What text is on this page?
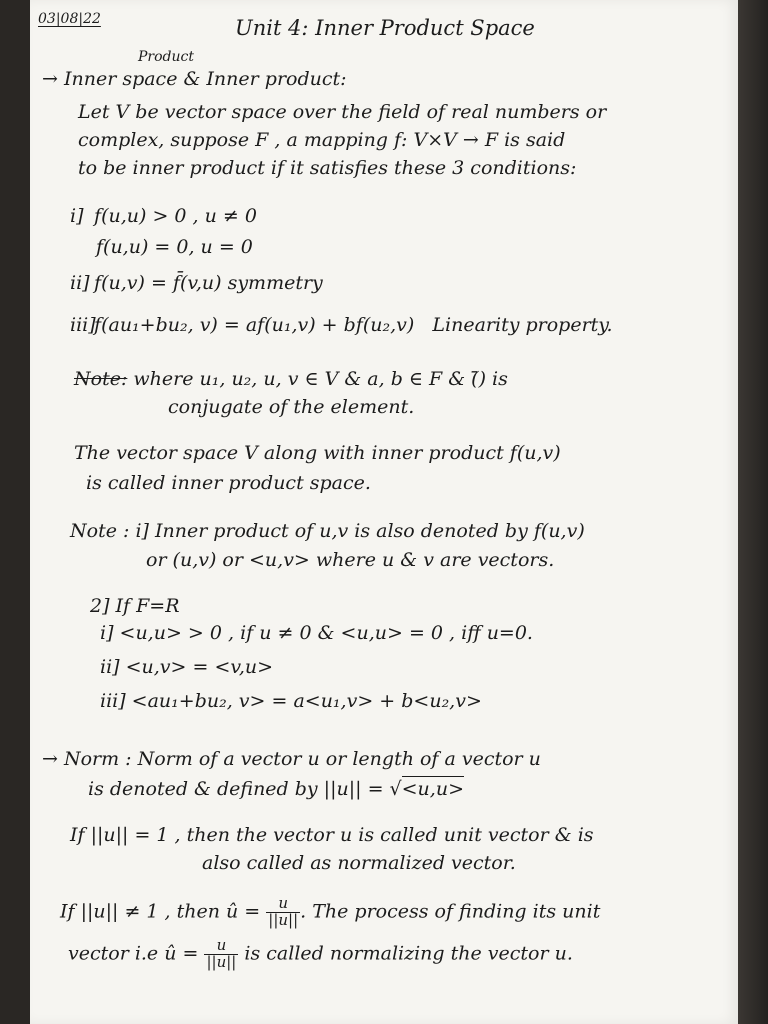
03|08|22	Unit 4: Inner Product Space
Product
→ Inner space & Inner product:
Let V be vector space over the field of real numbers or
complex, suppose F , a mapping f: V×V → F is said
to be inner product if it satisfies these 3 conditions:
i] f(u,u) > 0 , u ≠ 0
f(u,u) = 0, u = 0
ii] f(u,v) = f̄(v,u) symmetry
iii] f(au₁+bu₂, v) = af(u₁,v) + bf(u₂,v) Linearity property.
Note: where u₁, u₂, u, v ∈ V & a, b ∈ F & (̄) is
conjugate of the element.
The vector space V along with inner product f(u,v)
is called inner product space.
Note : i] Inner product of u,v is also denoted by f(u,v)
or (u,v) or <u,v> where u & v are vectors.
2] If F=R
i] <u,u> > 0 , if u ≠ 0 & <u,u> = 0 , iff u=0.
ii] <u,v> = <v,u>
iii] <au₁+bu₂, v> = a<u₁,v> + b<u₂,v>
→ Norm : Norm of a vector u or length of a vector u
is denoted & defined by ||u|| = √<u,u>
If ||u|| = 1 , then the vector u is called unit vector & is
also called as normalized vector.
If ||u|| ≠ 1 , then û = $\frac{u}{||u||}$ . The process of finding its unit
vector i.e û = $\frac{u}{||u||}$ is called normalizing the vector u.
